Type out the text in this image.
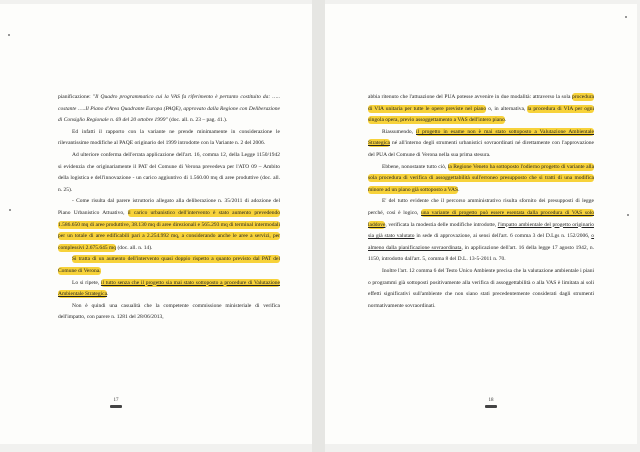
pianificazione: "Il Quadro programmatico cui la VAS fa riferimento è pertanto costituito da: ….. costante …..Il Piano d'Area Quadrante Europa (PAQE), approvato dalla Regione con Deliberazione di Consiglio Regionale n. 69 del 20 ottobre 1999" (doc. all. n. 23 – pag. 41.).

Ed infatti il rapporto con la variante ne prende minimamente in considerazione le rilevantissime modifiche al PAQE originario del 1999 introdotte con la Variante n. 2 del 2006.

Ad ulteriore conferma dell'errata applicazione dell'art. 16, comma 12, della Legge 1150/1942 si evidenzia che originariamente il PAT del Comune di Verona prevedeva per l'ATO 09 – Ambito della logistica e dell'innovazione - un carico aggiuntivo di 1.560.00 mq di aree produttive (doc. all. n. 25).

- Come risulta dal parere istruttorio allegato alla deliberazione n. 35/2011 di adozione del Piano Urbanistico Attuativo, il carico urbanistico dell'intervento è stato aumento prevedendo 1.586.650 mq di aree produttive, 38.130 mq di aree direzionali e 565.293 mq di terminal intermodali per un totale di aree edificabili pari a 2.254.992 mq, a considerando anche le aree a servizi, per complessivi 2.675.645 mq (doc. all. n. 14).

Si tratta di un aumento dell'intervento quasi doppio rispetto a quanto previsto dal PAT del Comune di Verona.

Lo si ripete, il tutto senza che il progetto sia mai stato sottoposto a procedure di Valutazione Ambientale Strategica.

Non è quindi una casualità che la competente commissione ministeriale di verifica dell'impatto, con parere n. 1281 del 28/06/2013,

17

abbia ritenuto che l'attuazione del PUA potesse avvenire in due modalità: attraverso la sola procedura di VIA unitaria per tutte le opere previste nel piano o, in alternativa, la procedura di VIA per ogni singola opera, previo assoggettamento a VAS dell'intero piano.

Riassumendo, il progetto in esame non è mai stato sottoposto a Valutazione Ambientale Strategica né all'interno degli strumenti urbanistici sovraordinati né direttamente con l'approvazione del PUA del Comune di Verona nella sua prima stesura.

Ebbene, nonostante tutto ciò, la Regione Veneto ha sottoposto l'odierno progetto di variante alla sola procedura di verifica di assoggettabilità sull'erroneo presupposto che si tratti di una modifica minore ad un piano già sottoposto a VAS.

E' del tutto evidente che il percorso amministrativo risulta sfornito dei presupposti di legge perché, così è logico, una variante di progetto può essere esentata dalla procedura di VAS solo laddove, verificata la modestia delle modifiche introdotte, l'impatto ambientale del progetto originario sia già stato valutato in sede di approvazione, ai sensi dell'art. 6 comma 3 del D.Lgs n. 152/2006, o almeno dalla pianificazione sovraordinata, in applicazione dell'art. 16 della legge 17 agosto 1942, n. 1150, introdotto dall'art. 5, comma 8 del D.L. 13-5-2011 n. 70.

Inoltre l'art. 12 comma 6 del Testo Unico Ambiente precisa che la valutazione ambientale i piani o programmi già sottoposti positivamente alla verifica di assoggettabilità o alla VAS è limitata ai soli effetti significativi sull'ambiente che non siano stati precedentemente considerati dagli strumenti normativamente sovraordinati.

18
